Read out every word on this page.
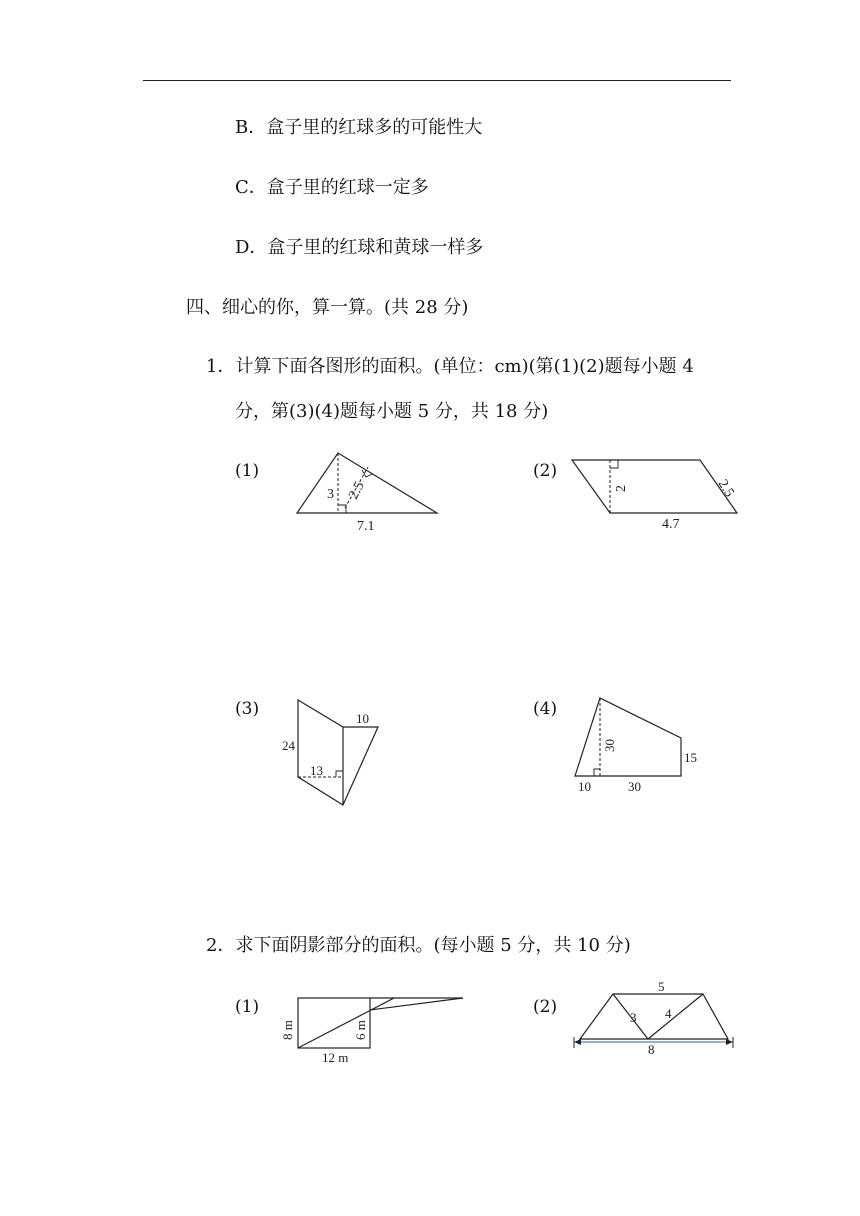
B．盒子里的红球多的可能性大
C．盒子里的红球一定多
D．盒子里的红球和黄球一样多
四、细心的你，算一算。(共 28 分)
1．计算下面各图形的面积。(单位：cm)(第(1)(2)题每小题 4
分，第(3)(4)题每小题 5 分，共 18 分)
(1)
3 2.5
7.1
(2)
2	2.5
4.7
(3)
24
10
13
(4)
30
15
10	30
2．求下面阴影部分的面积。(每小题 5 分，共 10 分)
(1)
8 m	6 m
12 m
(2)
5
3 4
8
